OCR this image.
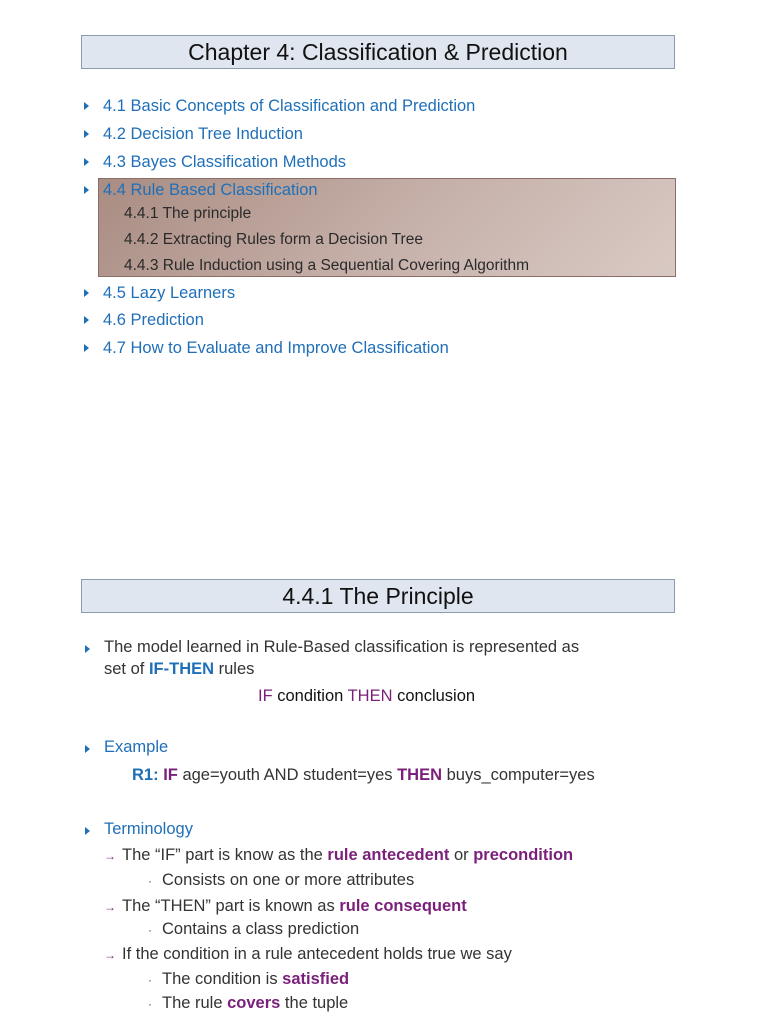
Chapter 4: Classification & Prediction
4.1 Basic Concepts of Classification and Prediction
4.2 Decision Tree Induction
4.3 Bayes Classification Methods
4.4 Rule Based Classification
4.5 Lazy Learners
4.6 Prediction
4.7 How to Evaluate and Improve Classification
4.4.1 The principle
4.4.2 Extracting Rules form a Decision Tree
4.4.3 Rule Induction using a Sequential Covering Algorithm
4.4.1 The Principle
The model learned in Rule-Based classification is represented as
set of IF-THEN rules
IF condition THEN conclusion
Example
R1: IF age=youth AND student=yes THEN buys_computer=yes
Terminology
→ The “IF” part is know as the rule antecedent or precondition
· Consists on one or more attributes
→ The “THEN” part is known as rule consequent
· Contains a class prediction
→ If the condition in a rule antecedent holds true we say
· The condition is satisfied
· The rule covers the tuple
